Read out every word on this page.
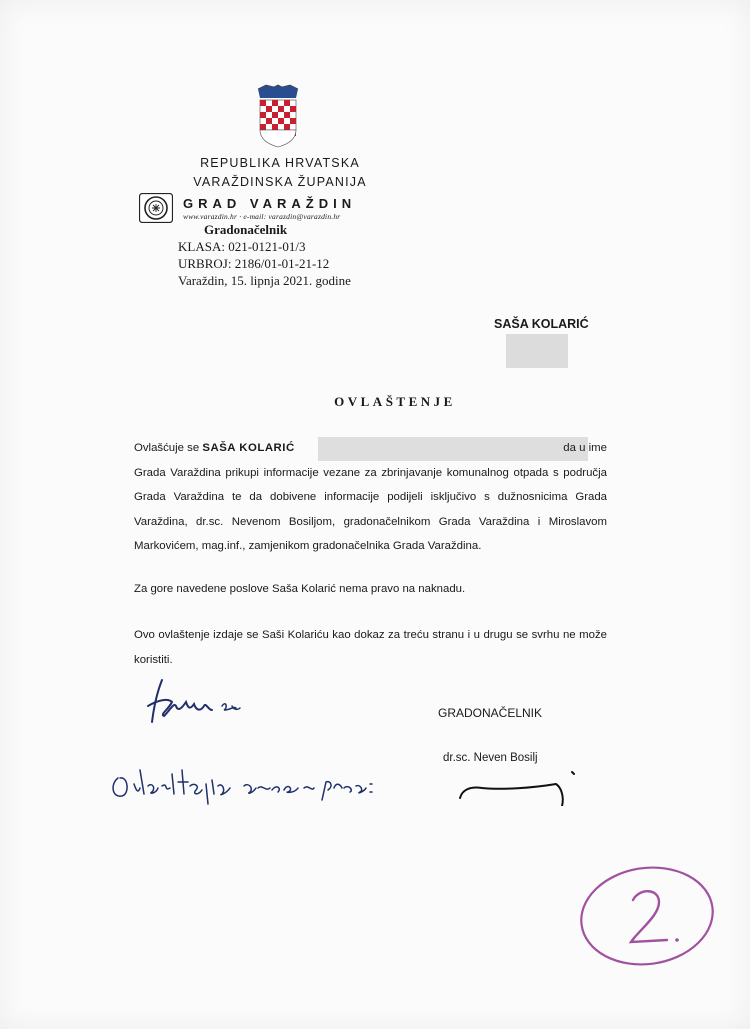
REPUBLIKA HRVATSKA
VARAŽDINSKA ŽUPANIJA
GRAD VARAŽDIN
www.varazdin.hr · e-mail: varazdin@varazdin.hr
Gradonačelnik
KLASA: 021-0121-01/3
URBROJ: 2186/01-01-21-12
Varaždin, 15. lipnja 2021. godine
SAŠA KOLARIĆ
OVLAŠTENJE
Ovlašćuje se SAŠA KOLARIĆ	da u ime
Grada Varaždina prikupi informacije vezane za zbrinjavanje komunalnog otpada s područja Grada Varaždina te da dobivene informacije podijeli isključivo s dužnosnicima Grada Varaždina, dr.sc. Nevenom Bosiljom, gradonačelnikom Grada Varaždina i Miroslavom Markovićem, mag.inf., zamjenikom gradonačelnika Grada Varaždina.
Za gore navedene poslove Saša Kolarić nema pravo na naknadu.
Ovo ovlaštenje izdaje se Saši Kolariću kao dokaz za treću stranu i u drugu se svrhu ne može koristiti.
GRADONAČELNIK
dr.sc. Neven Bosilj
